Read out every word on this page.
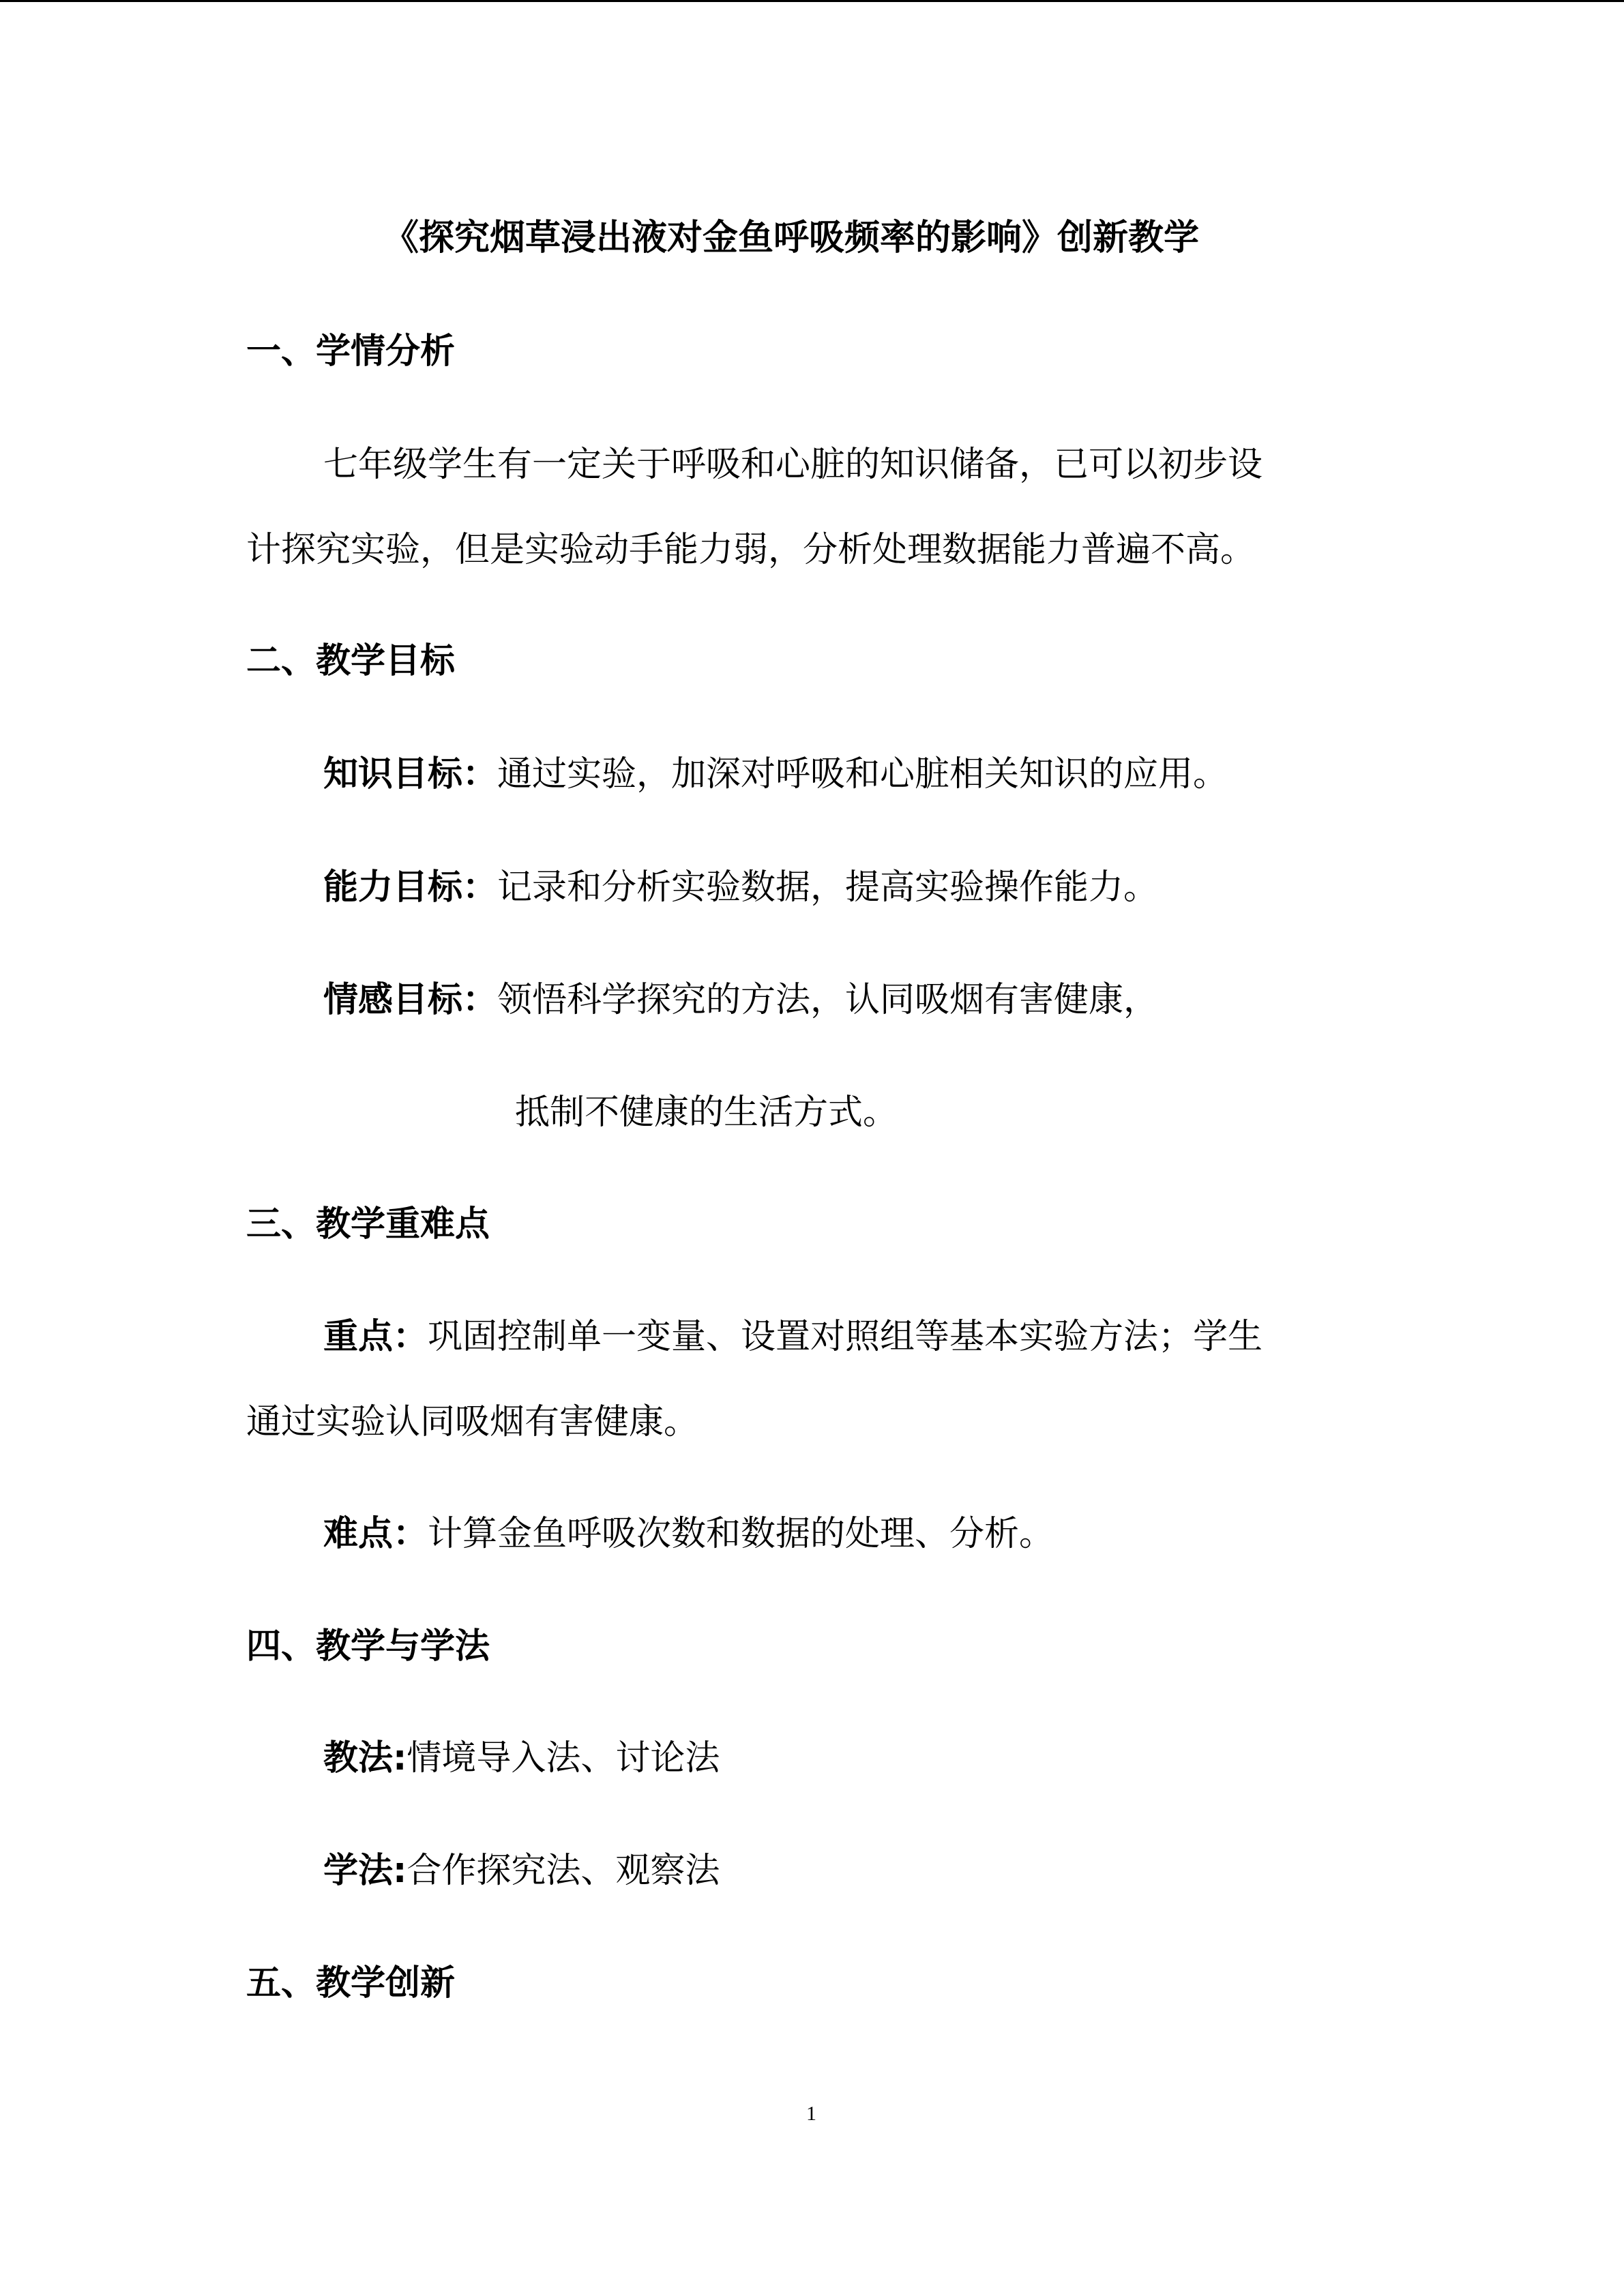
《探究烟草浸出液对金鱼呼吸频率的影响》创新教学
一、学情分析
七年级学生有一定关于呼吸和心脏的知识储备，已可以初步设
计探究实验，但是实验动手能力弱，分析处理数据能力普遍不高。
二、教学目标
知识目标：通过实验，加深对呼吸和心脏相关知识的应用。
能力目标：记录和分析实验数据，提高实验操作能力。
情感目标：领悟科学探究的方法，认同吸烟有害健康，
抵制不健康的生活方式。
三、教学重难点
重点：巩固控制单一变量、设置对照组等基本实验方法；学生
通过实验认同吸烟有害健康。
难点：计算金鱼呼吸次数和数据的处理、分析。
四、教学与学法
教法:情境导入法、讨论法
学法:合作探究法、观察法
五、教学创新
1
